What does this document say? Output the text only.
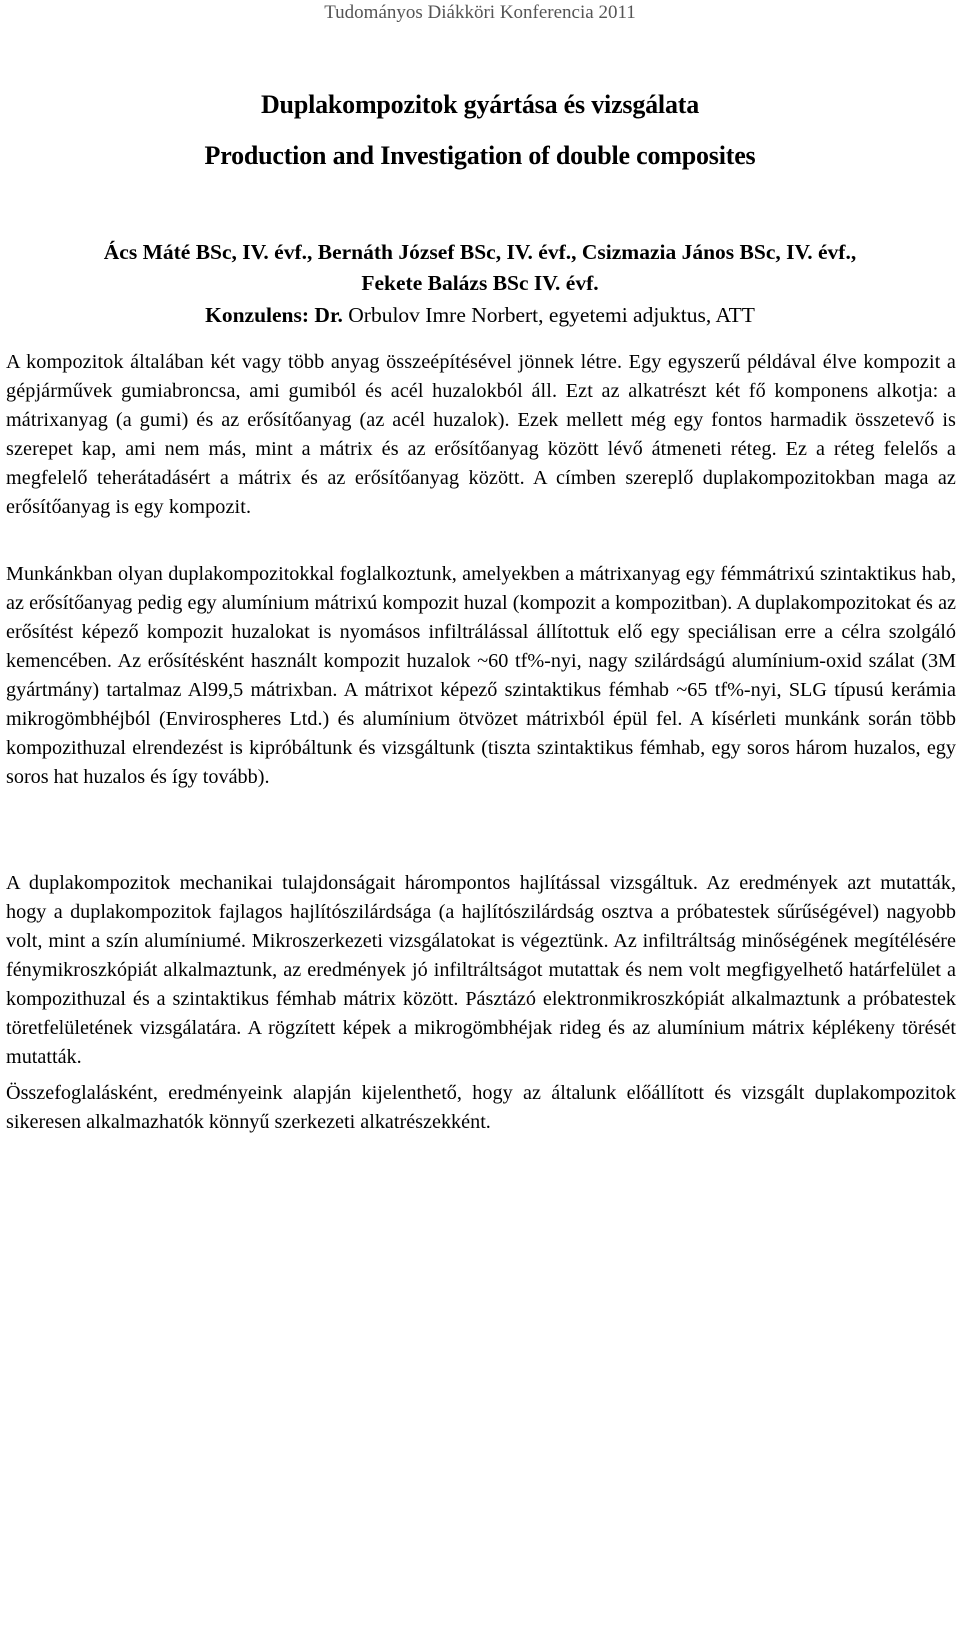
Tudományos Diákköri Konferencia 2011
Duplakompozitok gyártása és vizsgálata
Production and Investigation of double composites
Ács Máté BSc, IV. évf., Bernáth József BSc, IV. évf., Csizmazia János BSc, IV. évf.,
Fekete Balázs BSc IV. évf.
Konzulens: Dr. Orbulov Imre Norbert, egyetemi adjuktus, ATT
A kompozitok általában két vagy több anyag összeépítésével jönnek létre. Egy egyszerű példával élve kompozit a gépjárművek gumiabroncsa, ami gumiból és acél huzalokból áll. Ezt az alkatrészt két fő komponens alkotja: a mátrixanyag (a gumi) és az erősítőanyag (az acél huzalok). Ezek mellett még egy fontos harmadik összetevő is szerepet kap, ami nem más, mint a mátrix és az erősítőanyag között lévő átmeneti réteg. Ez a réteg felelős a megfelelő teherátadásért a mátrix és az erősítőanyag között. A címben szereplő duplakompozitokban maga az erősítőanyag is egy kompozit.
Munkánkban olyan duplakompozitokkal foglalkoztunk, amelyekben a mátrixanyag egy fémmátrixú szintaktikus hab, az erősítőanyag pedig egy alumínium mátrixú kompozit huzal (kompozit a kompozitban). A duplakompozitokat és az erősítést képező kompozit huzalokat is nyomásos infiltrálással állítottuk elő egy speciálisan erre a célra szolgáló kemencében. Az erősítésként használt kompozit huzalok ~60 tf%-nyi, nagy szilárdságú alumínium-oxid szálat (3M gyártmány) tartalmaz Al99,5 mátrixban. A mátrixot képező szintaktikus fémhab ~65 tf%-nyi, SLG típusú kerámia mikrogömbhéjból (Envirospheres Ltd.) és alumínium ötvözet mátrixból épül fel. A kísérleti munkánk során több kompozithuzal elrendezést is kipróbáltunk és vizsgáltunk (tiszta szintaktikus fémhab, egy soros három huzalos, egy soros hat huzalos és így tovább).
A duplakompozitok mechanikai tulajdonságait hárompontos hajlítással vizsgáltuk. Az eredmények azt mutatták, hogy a duplakompozitok fajlagos hajlítószilárdsága (a hajlítószilárdság osztva a próbatestek sűrűségével) nagyobb volt, mint a szín alumíniumé. Mikroszerkezeti vizsgálatokat is végeztünk. Az infiltráltság minőségének megítélésére fénymikroszkópiát alkalmaztunk, az eredmények jó infiltráltságot mutattak és nem volt megfigyelhető határfelület a kompozithuzal és a szintaktikus fémhab mátrix között. Pásztázó elektronmikroszkópiát alkalmaztunk a próbatestek töretfelületének vizsgálatára. A rögzített képek a mikrogömbhéjak rideg és az alumínium mátrix képlékeny törését mutatták.
Összefoglalásként, eredményeink alapján kijelenthető, hogy az általunk előállított és vizsgált duplakompozitok sikeresen alkalmazhatók könnyű szerkezeti alkatrészekként.
